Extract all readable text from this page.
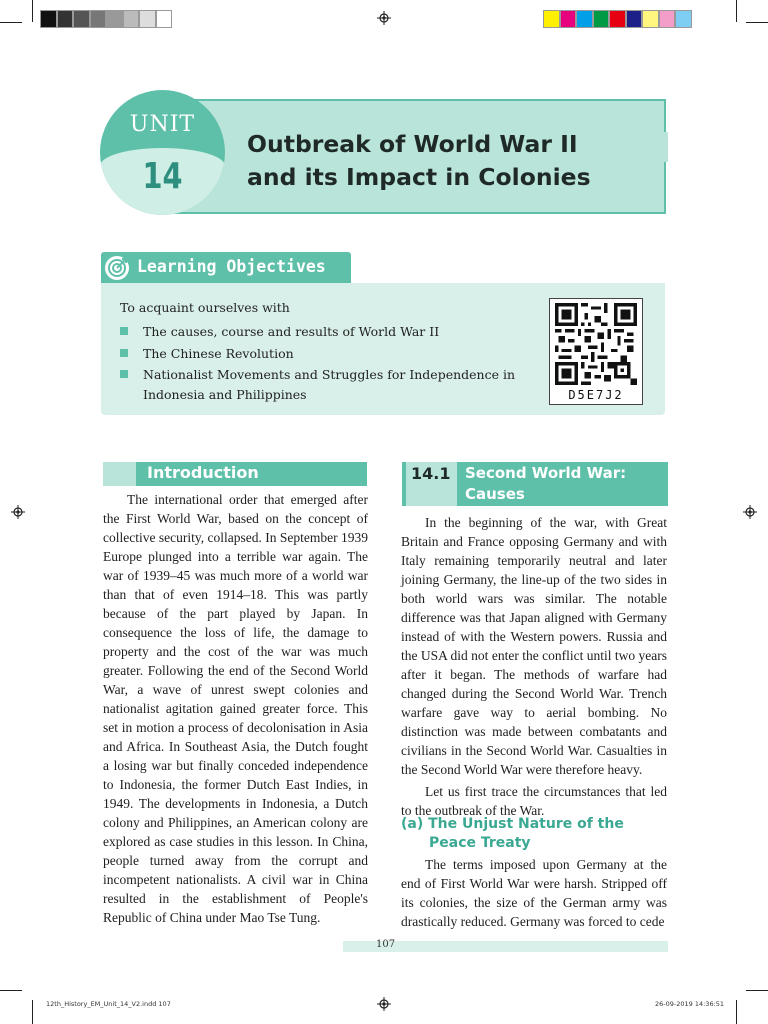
UNIT
14
Outbreak of World War II
and its Impact in Colonies
Learning Objectives
To acquaint ourselves with
The causes, course and results of World War II
The Chinese Revolution
Nationalist Movements and Struggles for Independence in Indonesia and Philippines	D5E7J2
Introduction	14.1 Second World War: Causes

The international order that emerged after the First World War, based on the concept of collective security, collapsed. In September 1939 Europe plunged into a terrible war again. The war of 1939–45 was much more of a world war than that of even 1914–18. This was partly because of the part played by Japan. In consequence the loss of life, the damage to property and the cost of the war was much greater. Following the end of the Second World War, a wave of unrest swept colonies and nationalist agitation gained greater force. This set in motion a process of decolonisation in Asia and Africa. In Southeast Asia, the Dutch fought a losing war but finally conceded independence to Indonesia, the former Dutch East Indies, in 1949. The developments in Indonesia, a Dutch colony and Philippines, an American colony are explored as case studies in this lesson. In China, people turned away from the corrupt and incompetent nationalists. A civil war in China resulted in the establishment of People's Republic of China under Mao Tse Tung.

In the beginning of the war, with Great Britain and France opposing Germany and with Italy remaining temporarily neutral and later joining Germany, the line-up of the two sides in both world wars was similar. The notable difference was that Japan aligned with Germany instead of with the Western powers. Russia and the USA did not enter the conflict until two years after it began. The methods of warfare had changed during the Second World War. Trench warfare gave way to aerial bombing. No distinction was made between combatants and civilians in the Second World War. Casualties in the Second World War were therefore heavy.

Let us first trace the circumstances that led to the outbreak of the War.

(a) The Unjust Nature of the
Peace Treaty

The terms imposed upon Germany at the end of First World War were harsh. Stripped off its colonies, the size of the German army was drastically reduced. Germany was forced to cede

107
12th_History_EM_Unit_14_V2.indd 107	26-09-2019 14:36:51
